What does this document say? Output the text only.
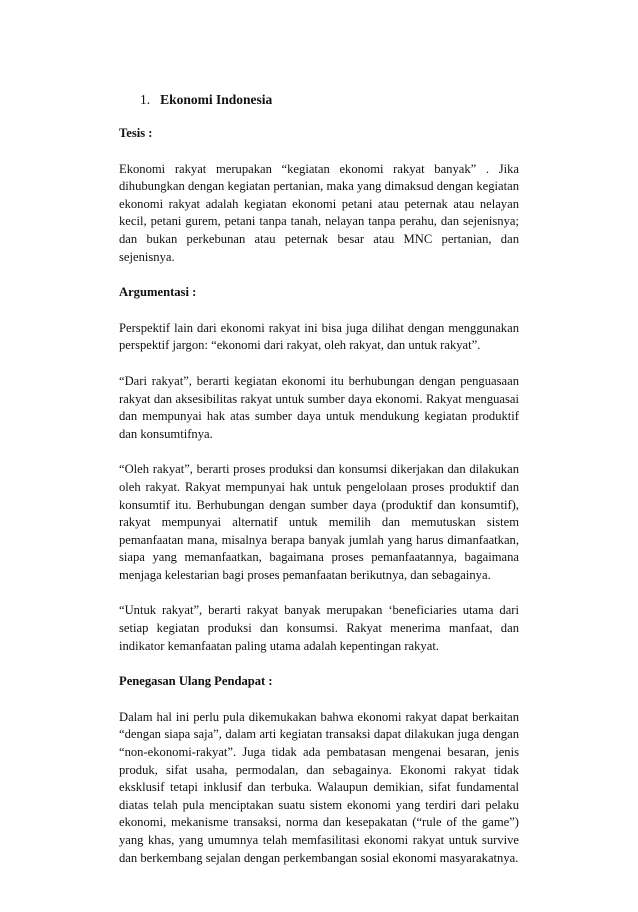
1. Ekonomi Indonesia

Tesis :

Ekonomi rakyat merupakan “kegiatan ekonomi rakyat banyak” . Jika dihubungkan dengan kegiatan pertanian, maka yang dimaksud dengan kegiatan ekonomi rakyat adalah kegiatan ekonomi petani atau peternak atau nelayan kecil, petani gurem, petani tanpa tanah, nelayan tanpa perahu, dan sejenisnya; dan bukan perkebunan atau peternak besar atau MNC pertanian, dan sejenisnya.

Argumentasi :

Perspektif lain dari ekonomi rakyat ini bisa juga dilihat dengan menggunakan perspektif jargon: “ekonomi dari rakyat, oleh rakyat, dan untuk rakyat”.

“Dari rakyat”, berarti kegiatan ekonomi itu berhubungan dengan penguasaan rakyat dan aksesibilitas rakyat untuk sumber daya ekonomi. Rakyat menguasai dan mempunyai hak atas sumber daya untuk mendukung kegiatan produktif dan konsumtifnya.

“Oleh rakyat”, berarti proses produksi dan konsumsi dikerjakan dan dilakukan oleh rakyat. Rakyat mempunyai hak untuk pengelolaan proses produktif dan konsumtif itu. Berhubungan dengan sumber daya (produktif dan konsumtif), rakyat mempunyai alternatif untuk memilih dan memutuskan sistem pemanfaatan mana, misalnya berapa banyak jumlah yang harus dimanfaatkan, siapa yang memanfaatkan, bagaimana proses pemanfaatannya, bagaimana menjaga kelestarian bagi proses pemanfaatan berikutnya, dan sebagainya.

“Untuk rakyat”, berarti rakyat banyak merupakan ‘beneficiaries utama dari setiap kegiatan produksi dan konsumsi. Rakyat menerima manfaat, dan indikator kemanfaatan paling utama adalah kepentingan rakyat.

Penegasan Ulang Pendapat :

Dalam hal ini perlu pula dikemukakan bahwa ekonomi rakyat dapat berkaitan “dengan siapa saja”, dalam arti kegiatan transaksi dapat dilakukan juga dengan “non-ekonomi-rakyat”. Juga tidak ada pembatasan mengenai besaran, jenis produk, sifat usaha, permodalan, dan sebagainya. Ekonomi rakyat tidak eksklusif tetapi inklusif dan terbuka. Walaupun demikian, sifat fundamental diatas telah pula menciptakan suatu sistem ekonomi yang terdiri dari pelaku ekonomi, mekanisme transaksi, norma dan kesepakatan (“rule of the game”) yang khas, yang umumnya telah memfasilitasi ekonomi rakyat untuk survive dan berkembang sejalan dengan perkembangan sosial ekonomi masyarakatnya.
